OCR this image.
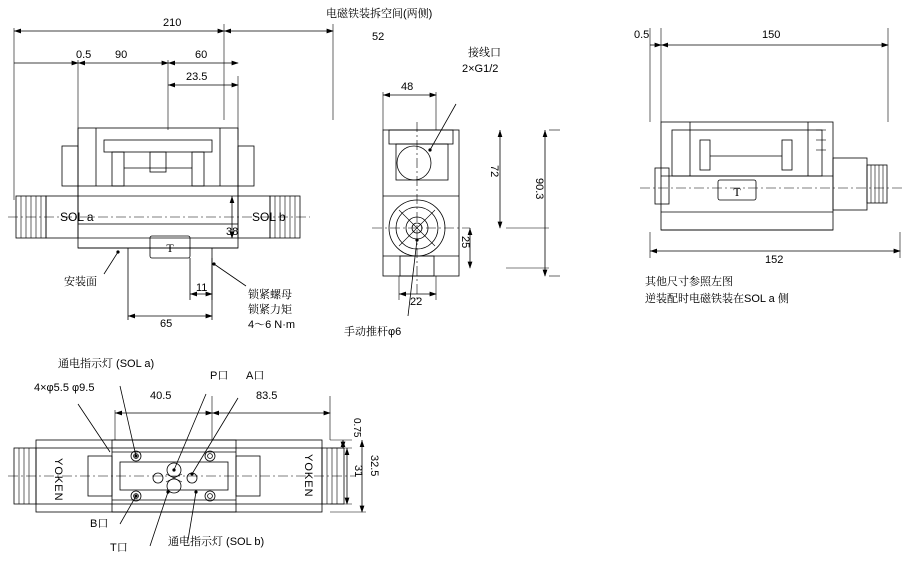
T
T
电磁铁装拆空间(两侧)
210
52
0.5 90	60
23.5
SOL a	SOL b
38
安装面	11
65
锁紧螺母
锁紧力矩
4～6 N·m
接线口
2×G1/2
48
72
90.3
25
22
手动推杆φ6
0.5	150
152
其他尺寸参照左图
逆装配时电磁铁装在SOL a 侧
通电指示灯 (SOL a)
4×φ5.5 φ9.5
P口 A口
40.5	83.5
0.75
31 32.5
B口
T口	通电指示灯 (SOL b)
YOKEN	YOKEN
